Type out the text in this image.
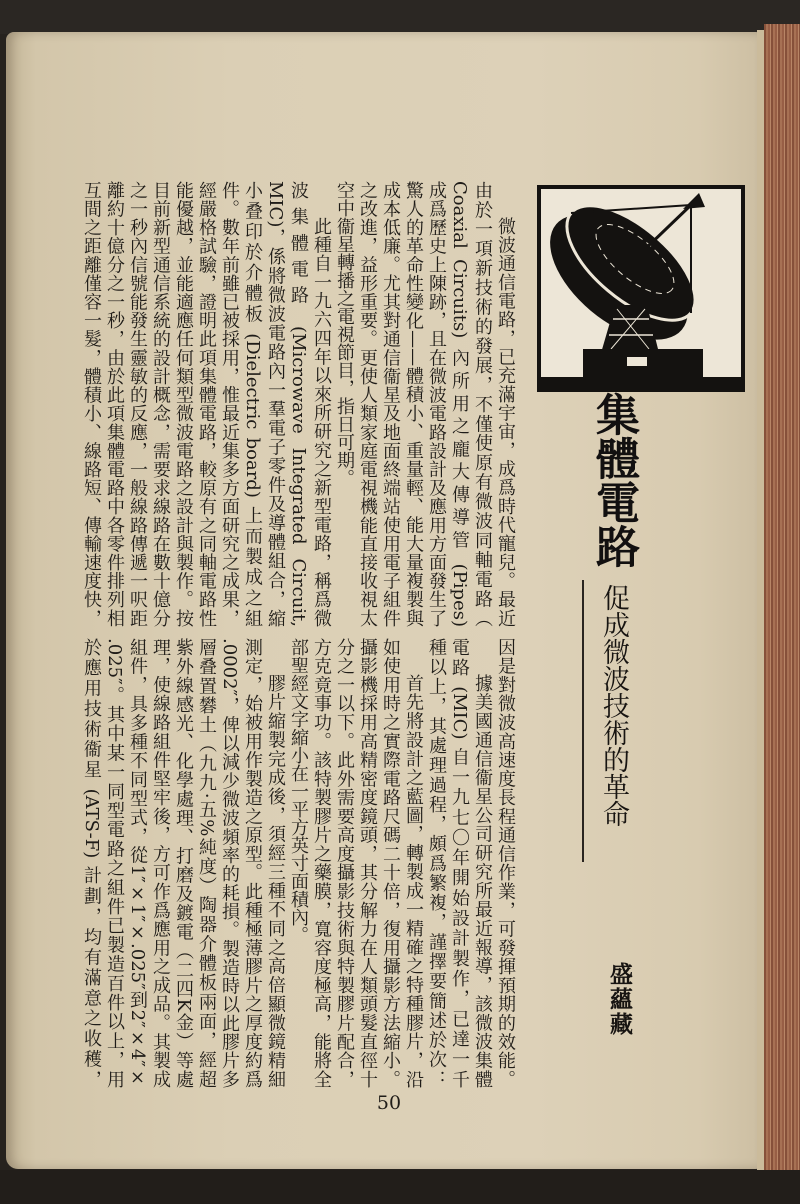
集體電路
促成微波技術的革命
盛蘊藏
微波通信電路，已充滿宇宙，成爲時代寵兒。最近
由於一項新技術的發展，不僅使原有微波同軸電路（
Coaxial Circuits) 內所用之龐大傳導管 (Pipes)
成爲歷史上陳跡，且在微波電路設計及應用方面發生了
驚人的革命性變化——體積小、重量輕、能大量複製與
成本低廉。尤其對通信衞星及地面終端站使用電子組件
之改進，益形重要。更使人類家庭電視機能直接收視太
空中衞星轉播之電視節目，指日可期。
此種自一九六四年以來所研究之新型電路，稱爲微
波集體電路 (Microwave Integrated Circuit,
MIC)，係將微波電路內一羣電子零件及導體組合，縮
小叠印於介體板 (Dielectric board) 上而製成之組
件。數年前雖已被採用，惟最近集多方面研究之成果，
經嚴格試驗，證明此項集體電路，較原有之同軸電路性
能優越，並能適應任何類型微波電路之設計與製作。按
目前新型通信系統的設計概念，需要求線路在數十億分
之一秒內信號能發生靈敏的反應，一般線路傳遞一呎距
離約十億分之一秒，由於此項集體電路中各零件排列相
互間之距離僅容一髮，體積小、線路短、傳輸速度快，
因是對微波高速度長程通信作業，可發揮預期的效能。
據美國通信衞星公司研究所最近報導，該微波集體
電路 (MIC) 自一九七〇年開始設計製作，已達一千
種以上，其處理過程，頗爲繁複，謹擇要簡述於次：
首先將設計之藍圖，轉製成一精確之特種膠片，沿
如使用時之實際電路尺碼二十倍，復用攝影方法縮小。
攝影機採用高精密度鏡頭，其分解力在人類頭髮直徑十
分之一以下。此外需要高度攝影技術與特製膠片配合，
方克竟事功。該特製膠片之藥膜，寬容度極高，能將全
部聖經文字縮小在一平方英寸面積內。
膠片縮製完成後，須經三種不同之高倍顯微鏡精細
測定，始被用作製造之原型。此種極薄膠片之厚度約爲
.0002″，俾以減少微波頻率的耗損。製造時以此膠片多
層叠置礬土（九九·五%純度）陶器介體板兩面，經超
紫外線感光、化學處理、打磨及鍍電（二四K金）等處
理，使線路組件堅牢後，方可作爲應用之成品。其製成
組件，具多種不同型式，從1″×1″×.025″到2″×4″×
.025″。其中某一同型電路之組件已製造百件以上，用
於應用技術衞星 (ATS-F) 計劃，均有滿意之收穫，
50
